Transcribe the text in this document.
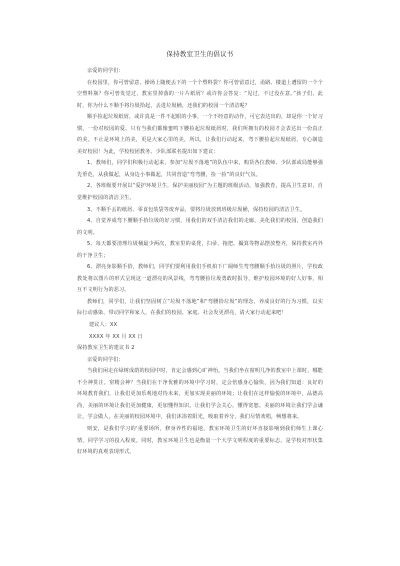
保持教室卫生的倡议书

亲爱的同学们：

在校园里，你可曾留意，操场上随便丢下的一个个塑料袋？你可曾留意过，甬路、楼道上遭留的一个个空塑料瓶？你可曾发觉过，教室里掉落的一片片纸屑？或许你会答复：“见过，不过没在意。”孩子们，此时，你为什么不顺手将垃圾拾起，丢进垃圾桶，还我们的校园一个清洁呢？

顺手捡起垃圾纸屑，或许真是一件不起眼的小事，一个不经意的动作，可它表达出的，却是你一个好习惯，一份对校园的爱。只有当我们都像蜜鸣下腰捡起垃圾纸屑时，我们所拥有的校园才会表达出一份真正的美。不止是环境上的美，更是大家心里的美，所以，让我们行动起来，弯下腰捡起垃圾纸屑，专心制造美好校园！为此，学校校团教务、少队部联名提出如下建议：

1、教师们，同学们积极行动起来，参加“垃圾不落地”的队伍中来，购货各位教师、少队部或局能够强先垂范，从我做起，从身边小事做起，共同营造“弯弯腰，捡一捡”的良好气氛。

2、各班级要开展以“爱护环境卫生，保护美丽校园”为主题的班级活动，加强教育，提高卫生意识，自觉维护校园的清洁卫生。

3、不顺手丢的纸屑、零食包装袋等废弃品，要将垃圾放到班级垃圾桶，保持校园的清洁卫生。

4、自觉养成弯下腰顺手拾垃圾的好习惯，用我们的双手清洁我们的走廊，美化我们的校园，创造我们的文明。

5、每天都要清理垃圾桶最少两次，教室里的桌凳，扫帚、拖把、撮箕等物品摆放整齐，保持教室内外的干净卫生；

6、漂亮身影顺手拾，教师们，同学们要利用我们手机拍下广阔师生弯弯腰顺手拾垃圾的照片，学校政教处将以图片的形式呈现这一道漂亮的风景线，弯弯腰捡垃圾勇敢时报导，维护校园环境的好人好事，相互不文明行为的恶习。

教师们，同学们，让我们坚固树立“垃圾不落地”和“弯腰拾垃圾”的理念，养成良好的行为习惯，以实际行动感染、带动同学和家人，在我们的校园、家庭、社会发更漂亮，请大家行动起来吧！

建议人：XX

XXXX 年 XX 月 XX 日

保持教室卫生的建议书 2

亲爱的同学们：

当我们闲走在绿树成荫的校园中时，肯定会感到心旷神怡。当我们坐在窗明几净的教室中上课时，哪能不全神贯注。窒精会神？当我们在干净优雅的环境中学习时，定会倍感身心愉快，因为我们知道：良好的环境教育我们，让我们更加乐观地对待未来，更加实现美丽的环境；让我们在这样愉悦的环境中，品德高尚，美丽的环境让我们更加健康，更加懂得知识。让我们学会关心，懂得宽恕。美丽的环境让我们学会谦让，学会做人，在美丽的校园环境中，我们沐浴着阳光，吸取着养分，我们尽情欢唱，畅想将来。

则安，是我们学习的'重要场所，修身养性的福地，教室环境卫生的好坏直接影响到我们师生上课心情，同学学习的投入程度。同时，教室环境卫生也是衡量一个大学文明程度的重要标志，是学校对形状集好环境的真观表现形式。
